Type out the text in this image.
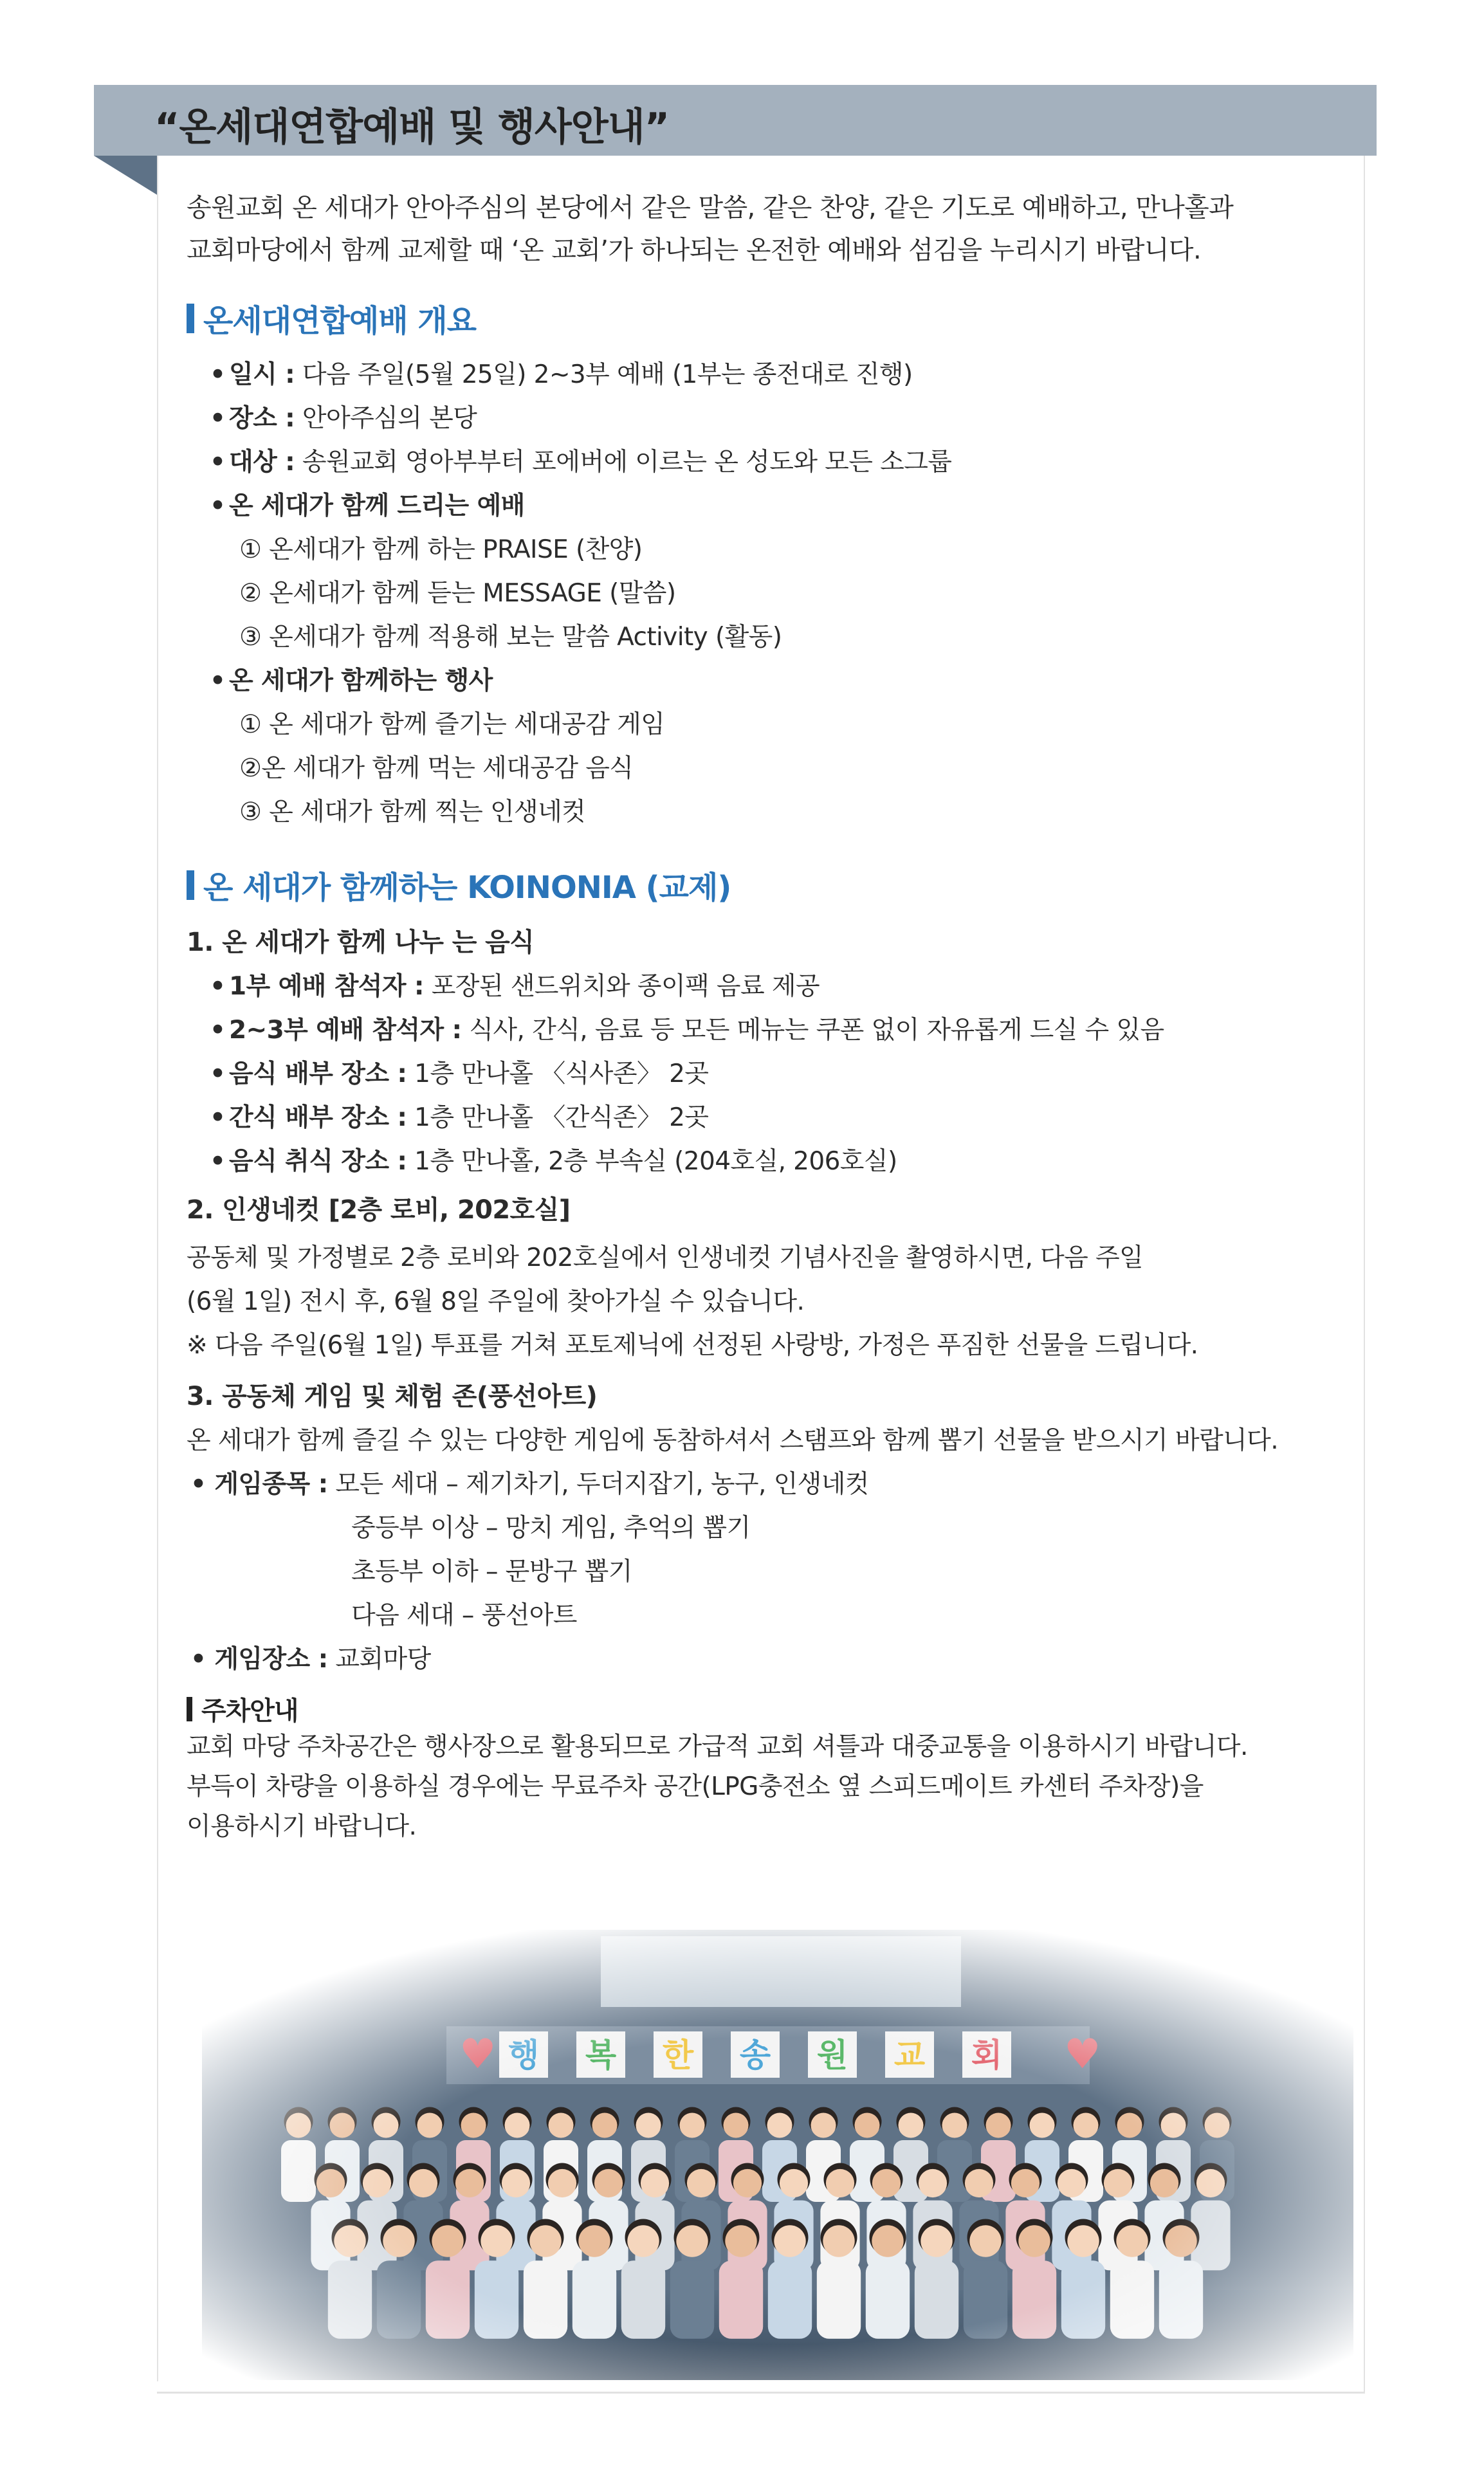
“온세대연합예배 및 행사안내”

송원교회 온 세대가 안아주심의 본당에서 같은 말씀, 같은 찬양, 같은 기도로 예배하고, 만나홀과

교회마당에서 함께 교제할 때 ‘온 교회’가 하나되는 온전한 예배와 섬김을 누리시기 바랍니다.

온세대연합예배 개요
• 일시 : 다음 주일(5월 25일) 2~3부 예배 (1부는 종전대로 진행)
• 장소 : 안아주심의 본당
• 대상 : 송원교회 영아부부터 포에버에 이르는 온 성도와 모든 소그룹
• 온 세대가 함께 드리는 예배
① 온세대가 함께 하는 PRAISE (찬양)
② 온세대가 함께 듣는 MESSAGE (말씀)
③ 온세대가 함께 적용해 보는 말씀 Activity (활동)
• 온 세대가 함께하는 행사
① 온 세대가 함께 즐기는 세대공감 게임
②온 세대가 함께 먹는 세대공감 음식
③ 온 세대가 함께 찍는 인생네컷
온 세대가 함께하는 KOINONIA (교제)
1. 온 세대가 함께 나누 는 음식
• 1부 예배 참석자 : 포장된 샌드위치와 종이팩 음료 제공
• 2~3부 예배 참석자 : 식사, 간식, 음료 등 모든 메뉴는 쿠폰 없이 자유롭게 드실 수 있음
• 음식 배부 장소 : 1층 만나홀 〈식사존〉 2곳
• 간식 배부 장소 : 1층 만나홀 〈간식존〉 2곳
• 음식 취식 장소 : 1층 만나홀, 2층 부속실 (204호실, 206호실)
2. 인생네컷 [2층 로비, 202호실]
공동체 및 가정별로 2층 로비와 202호실에서 인생네컷 기념사진을 촬영하시면, 다음 주일
(6월 1일) 전시 후, 6월 8일 주일에 찾아가실 수 있습니다.
※ 다음 주일(6월 1일) 투표를 거쳐 포토제닉에 선정된 사랑방, 가정은 푸짐한 선물을 드립니다.
3. 공동체 게임 및 체험 존(풍선아트)
온 세대가 함께 즐길 수 있는 다양한 게임에 동참하셔서 스탬프와 함께 뽑기 선물을 받으시기 바랍니다.
• 게임종목 : 모든 세대 – 제기차기, 두더지잡기, 농구, 인생네컷
중등부 이상 – 망치 게임, 추억의 뽑기
초등부 이하 – 문방구 뽑기
다음 세대 – 풍선아트
• 게임장소 : 교회마당
주차안내
교회 마당 주차공간은 행사장으로 활용되므로 가급적 교회 셔틀과 대중교통을 이용하시기 바랍니다.
부득이 차량을 이용하실 경우에는 무료주차 공간(LPG충전소 옆 스피드메이트 카센터 주차장)을
이용하시기 바랍니다.
